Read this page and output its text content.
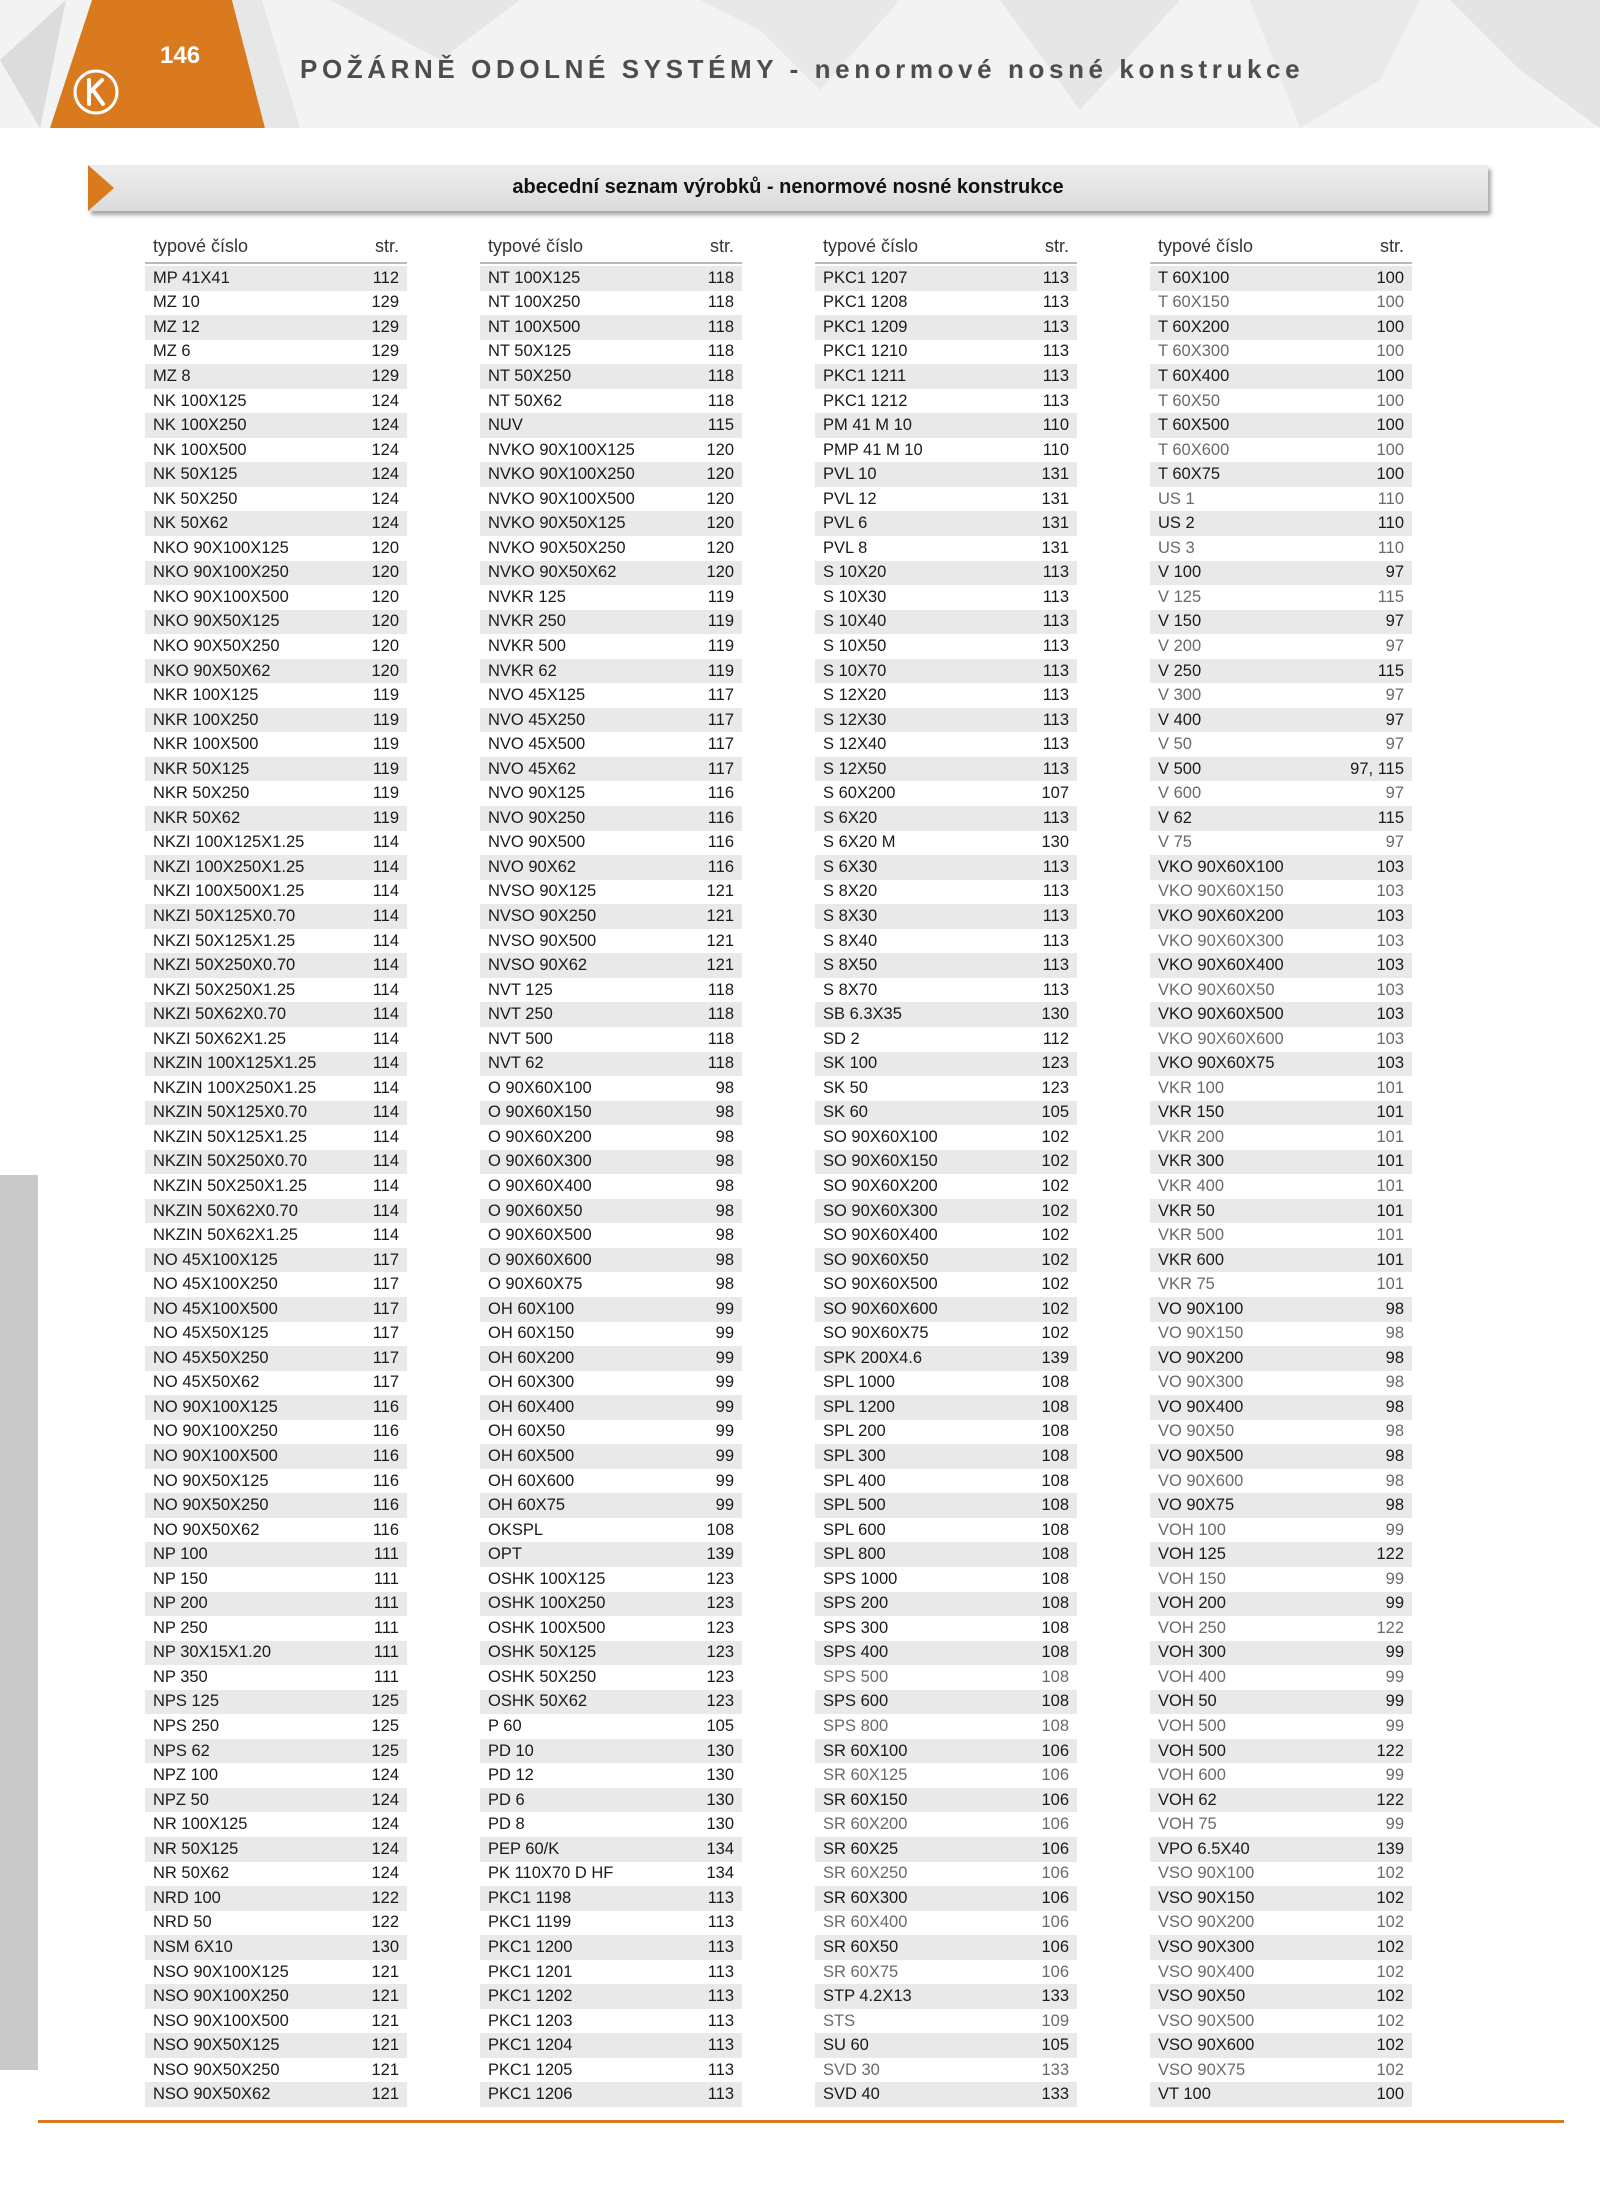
146	POŽÁRNĚ ODOLNÉ SYSTÉMY - nenormové nosné konstrukce
abecední seznam výrobků - nenormové nosné konstrukce
typové číslo	str.
MP 41X41	112
MZ 10	129
MZ 12	129
MZ 6	129
MZ 8	129
NK 100X125	124
NK 100X250	124
NK 100X500	124
NK 50X125	124
NK 50X250	124
NK 50X62	124
NKO 90X100X125	120
NKO 90X100X250	120
NKO 90X100X500	120
NKO 90X50X125	120
NKO 90X50X250	120
NKO 90X50X62	120
NKR 100X125	119
NKR 100X250	119
NKR 100X500	119
NKR 50X125	119
NKR 50X250	119
NKR 50X62	119
NKZI 100X125X1.25	114
NKZI 100X250X1.25	114
NKZI 100X500X1.25	114
NKZI 50X125X0.70	114
NKZI 50X125X1.25	114
NKZI 50X250X0.70	114
NKZI 50X250X1.25	114
NKZI 50X62X0.70	114
NKZI 50X62X1.25	114
NKZIN 100X125X1.25	114
NKZIN 100X250X1.25	114
NKZIN 50X125X0.70	114
NKZIN 50X125X1.25	114
NKZIN 50X250X0.70	114
NKZIN 50X250X1.25	114
NKZIN 50X62X0.70	114
NKZIN 50X62X1.25	114
NO 45X100X125	117
NO 45X100X250	117
NO 45X100X500	117
NO 45X50X125	117
NO 45X50X250	117
NO 45X50X62	117
NO 90X100X125	116
NO 90X100X250	116
NO 90X100X500	116
NO 90X50X125	116
NO 90X50X250	116
NO 90X50X62	116
NP 100	111
NP 150	111
NP 200	111
NP 250	111
NP 30X15X1.20	111
NP 350	111
NPS 125	125
NPS 250	125
NPS 62	125
NPZ 100	124
NPZ 50	124
NR 100X125	124
NR 50X125	124
NR 50X62	124
NRD 100	122
NRD 50	122
NSM 6X10	130
NSO 90X100X125	121
NSO 90X100X250	121
NSO 90X100X500	121
NSO 90X50X125	121
NSO 90X50X250	121
NSO 90X50X62	121
typové číslo	str.
NT 100X125	118
NT 100X250	118
NT 100X500	118
NT 50X125	118
NT 50X250	118
NT 50X62	118
NUV	115
NVKO 90X100X125	120
NVKO 90X100X250	120
NVKO 90X100X500	120
NVKO 90X50X125	120
NVKO 90X50X250	120
NVKO 90X50X62	120
NVKR 125	119
NVKR 250	119
NVKR 500	119
NVKR 62	119
NVO 45X125	117
NVO 45X250	117
NVO 45X500	117
NVO 45X62	117
NVO 90X125	116
NVO 90X250	116
NVO 90X500	116
NVO 90X62	116
NVSO 90X125	121
NVSO 90X250	121
NVSO 90X500	121
NVSO 90X62	121
NVT 125	118
NVT 250	118
NVT 500	118
NVT 62	118
O 90X60X100	98
O 90X60X150	98
O 90X60X200	98
O 90X60X300	98
O 90X60X400	98
O 90X60X50	98
O 90X60X500	98
O 90X60X600	98
O 90X60X75	98
OH 60X100	99
OH 60X150	99
OH 60X200	99
OH 60X300	99
OH 60X400	99
OH 60X50	99
OH 60X500	99
OH 60X600	99
OH 60X75	99
OKSPL	108
OPT	139
OSHK 100X125	123
OSHK 100X250	123
OSHK 100X500	123
OSHK 50X125	123
OSHK 50X250	123
OSHK 50X62	123
P 60	105
PD 10	130
PD 12	130
PD 6	130
PD 8	130
PEP 60/K	134
PK 110X70 D HF	134
PKC1 1198	113
PKC1 1199	113
PKC1 1200	113
PKC1 1201	113
PKC1 1202	113
PKC1 1203	113
PKC1 1204	113
PKC1 1205	113
PKC1 1206	113
typové číslo	str.
PKC1 1207	113
PKC1 1208	113
PKC1 1209	113
PKC1 1210	113
PKC1 1211	113
PKC1 1212	113
PM 41 M 10	110
PMP 41 M 10	110
PVL 10	131
PVL 12	131
PVL 6	131
PVL 8	131
S 10X20	113
S 10X30	113
S 10X40	113
S 10X50	113
S 10X70	113
S 12X20	113
S 12X30	113
S 12X40	113
S 12X50	113
S 60X200	107
S 6X20	113
S 6X20 M	130
S 6X30	113
S 8X20	113
S 8X30	113
S 8X40	113
S 8X50	113
S 8X70	113
SB 6.3X35	130
SD 2	112
SK 100	123
SK 50	123
SK 60	105
SO 90X60X100	102
SO 90X60X150	102
SO 90X60X200	102
SO 90X60X300	102
SO 90X60X400	102
SO 90X60X50	102
SO 90X60X500	102
SO 90X60X600	102
SO 90X60X75	102
SPK 200X4.6	139
SPL 1000	108
SPL 1200	108
SPL 200	108
SPL 300	108
SPL 400	108
SPL 500	108
SPL 600	108
SPL 800	108
SPS 1000	108
SPS 200	108
SPS 300	108
SPS 400	108
SPS 500	108
SPS 600	108
SPS 800	108
SR 60X100	106
SR 60X125	106
SR 60X150	106
SR 60X200	106
SR 60X25	106
SR 60X250	106
SR 60X300	106
SR 60X400	106
SR 60X50	106
SR 60X75	106
STP 4.2X13	133
STS	109
SU 60	105
SVD 30	133
SVD 40	133
typové číslo	str.
T 60X100	100
T 60X150	100
T 60X200	100
T 60X300	100
T 60X400	100
T 60X50	100
T 60X500	100
T 60X600	100
T 60X75	100
US 1	110
US 2	110
US 3	110
V 100	97
V 125	115
V 150	97
V 200	97
V 250	115
V 300	97
V 400	97
V 50	97
V 500	97, 115
V 600	97
V 62	115
V 75	97
VKO 90X60X100	103
VKO 90X60X150	103
VKO 90X60X200	103
VKO 90X60X300	103
VKO 90X60X400	103
VKO 90X60X50	103
VKO 90X60X500	103
VKO 90X60X600	103
VKO 90X60X75	103
VKR 100	101
VKR 150	101
VKR 200	101
VKR 300	101
VKR 400	101
VKR 50	101
VKR 500	101
VKR 600	101
VKR 75	101
VO 90X100	98
VO 90X150	98
VO 90X200	98
VO 90X300	98
VO 90X400	98
VO 90X50	98
VO 90X500	98
VO 90X600	98
VO 90X75	98
VOH 100	99
VOH 125	122
VOH 150	99
VOH 200	99
VOH 250	122
VOH 300	99
VOH 400	99
VOH 50	99
VOH 500	99
VOH 500	122
VOH 600	99
VOH 62	122
VOH 75	99
VPO 6.5X40	139
VSO 90X100	102
VSO 90X150	102
VSO 90X200	102
VSO 90X300	102
VSO 90X400	102
VSO 90X50	102
VSO 90X500	102
VSO 90X600	102
VSO 90X75	102
VT 100	100
